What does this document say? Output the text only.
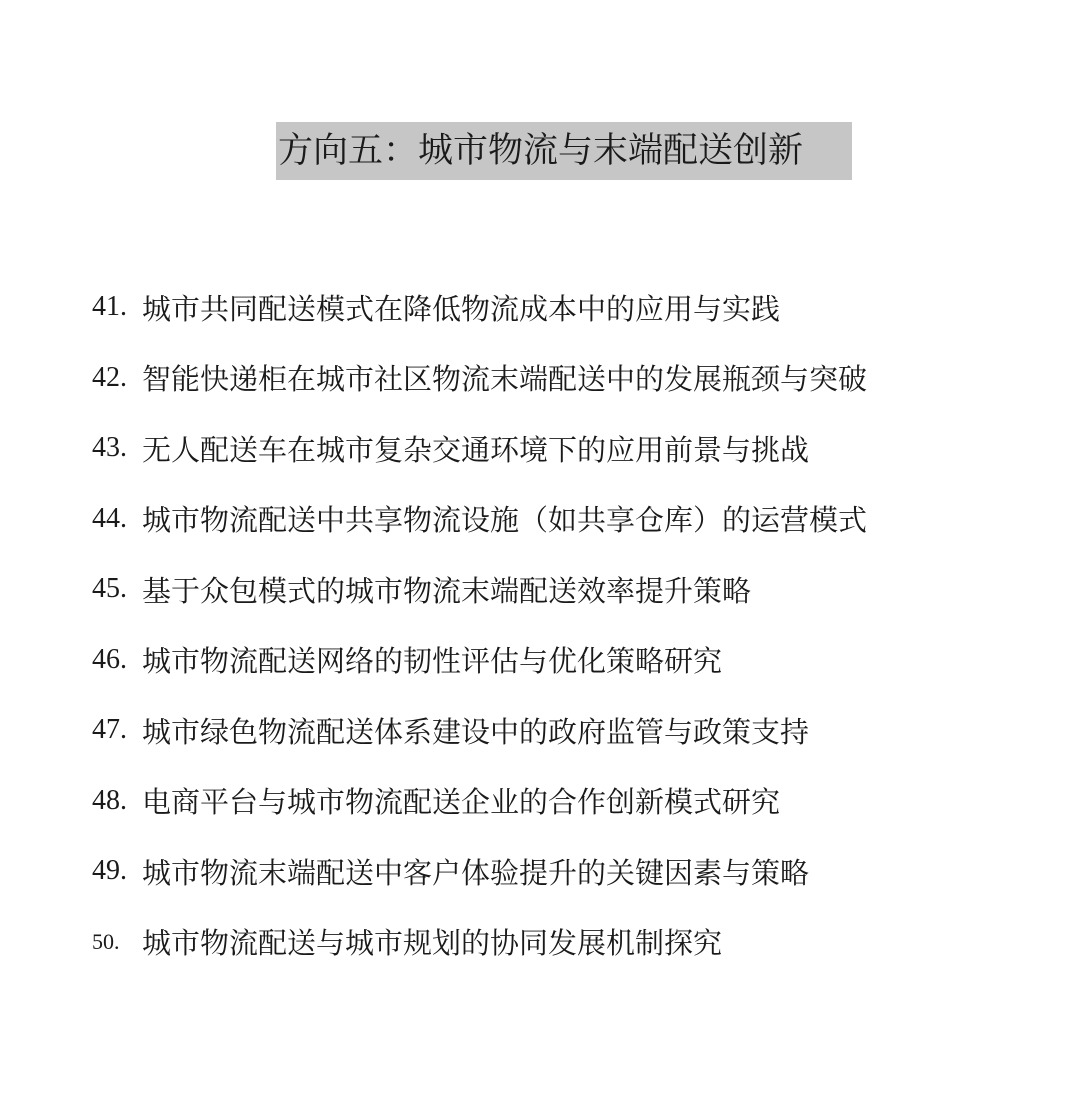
方向五：城市物流与末端配送创新
41. 城市共同配送模式在降低物流成本中的应用与实践
42. 智能快递柜在城市社区物流末端配送中的发展瓶颈与突破
43. 无人配送车在城市复杂交通环境下的应用前景与挑战
44. 城市物流配送中共享物流设施（如共享仓库）的运营模式
45. 基于众包模式的城市物流末端配送效率提升策略
46. 城市物流配送网络的韧性评估与优化策略研究
47. 城市绿色物流配送体系建设中的政府监管与政策支持
48. 电商平台与城市物流配送企业的合作创新模式研究
49. 城市物流末端配送中客户体验提升的关键因素与策略
50. 城市物流配送与城市规划的协同发展机制探究
